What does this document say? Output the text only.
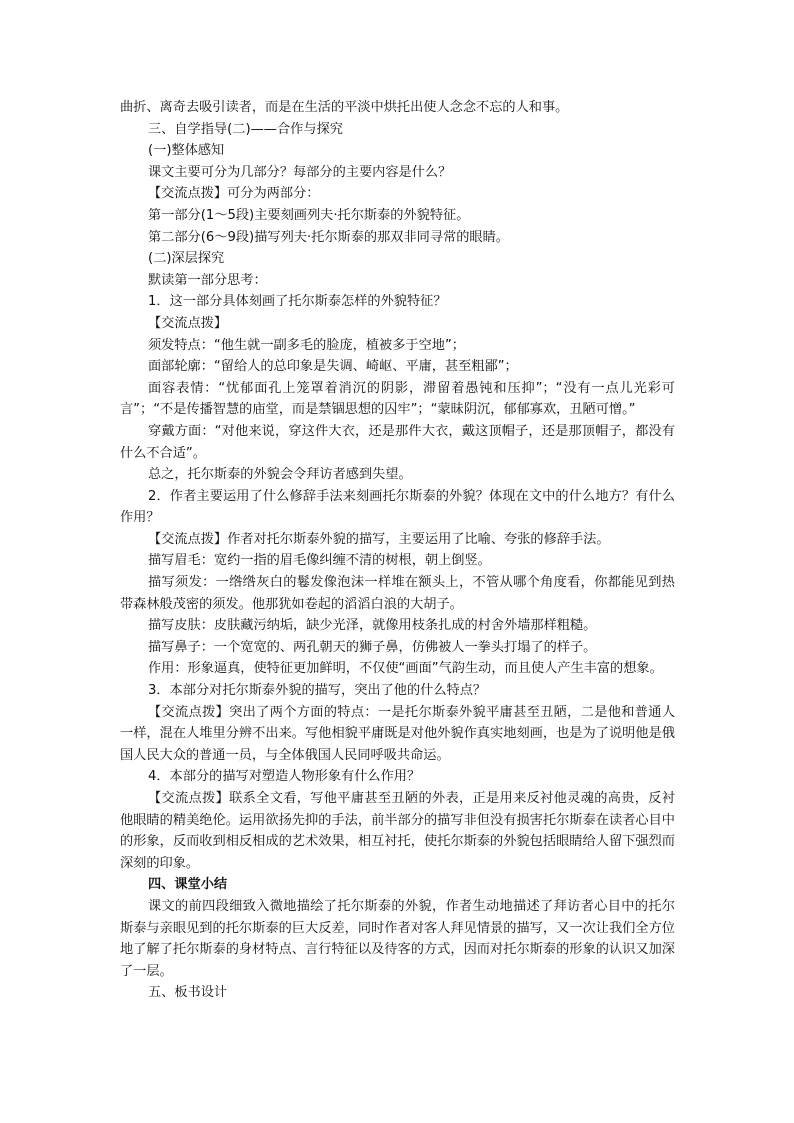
曲折、离奇去吸引读者，而是在生活的平淡中烘托出使人念念不忘的人和事。

三、自学指导(二)——合作与探究

(一)整体感知

课文主要可分为几部分？每部分的主要内容是什么？

【交流点拨】可分为两部分：

第一部分(1～5段)主要刻画列夫·托尔斯泰的外貌特征。

第二部分(6～9段)描写列夫·托尔斯泰的那双非同寻常的眼睛。

(二)深层探究

默读第一部分思考：

1．这一部分具体刻画了托尔斯泰怎样的外貌特征？

【交流点拨】

须发特点：“他生就一副多毛的脸庞，植被多于空地”；

面部轮廓：“留给人的总印象是失调、崎岖、平庸，甚至粗鄙”；

面容表情：“忧郁面孔上笼罩着消沉的阴影，滞留着愚钝和压抑”；“没有一点儿光彩可言”；“不是传播智慧的庙堂，而是禁锢思想的囚牢”；“蒙昧阴沉，郁郁寡欢，丑陋可憎。”

穿戴方面：“对他来说，穿这件大衣，还是那件大衣，戴这顶帽子，还是那顶帽子，都没有什么不合适”。

总之，托尔斯泰的外貌会令拜访者感到失望。

2．作者主要运用了什么修辞手法来刻画托尔斯泰的外貌？体现在文中的什么地方？有什么作用？

【交流点拨】作者对托尔斯泰外貌的描写，主要运用了比喻、夸张的修辞手法。

描写眉毛：宽约一指的眉毛像纠缠不清的树根，朝上倒竖。

描写须发：一绺绺灰白的鬈发像泡沫一样堆在额头上，不管从哪个角度看，你都能见到热带森林般茂密的须发。他那犹如卷起的滔滔白浪的大胡子。

描写皮肤：皮肤藏污纳垢，缺少光泽，就像用枝条扎成的村舍外墙那样粗糙。

描写鼻子：一个宽宽的、两孔朝天的狮子鼻，仿佛被人一拳头打塌了的样子。

作用：形象逼真，使特征更加鲜明，不仅使“画面”气韵生动，而且使人产生丰富的想象。

3．本部分对托尔斯泰外貌的描写，突出了他的什么特点？

【交流点拨】突出了两个方面的特点：一是托尔斯泰外貌平庸甚至丑陋，二是他和普通人一样，混在人堆里分辨不出来。写他相貌平庸既是对他外貌作真实地刻画，也是为了说明他是俄国人民大众的普通一员，与全体俄国人民同呼吸共命运。

4．本部分的描写对塑造人物形象有什么作用？

【交流点拨】联系全文看，写他平庸甚至丑陋的外表，正是用来反衬他灵魂的高贵，反衬他眼睛的精美绝伦。运用欲扬先抑的手法，前半部分的描写非但没有损害托尔斯泰在读者心目中的形象，反而收到相反相成的艺术效果，相互衬托，使托尔斯泰的外貌包括眼睛给人留下强烈而深刻的印象。

四、课堂小结

课文的前四段细致入微地描绘了托尔斯泰的外貌，作者生动地描述了拜访者心目中的托尔斯泰与亲眼见到的托尔斯泰的巨大反差，同时作者对客人拜见情景的描写，又一次让我们全方位地了解了托尔斯泰的身材特点、言行特征以及待客的方式，因而对托尔斯泰的形象的认识又加深了一层。

五、板书设计
